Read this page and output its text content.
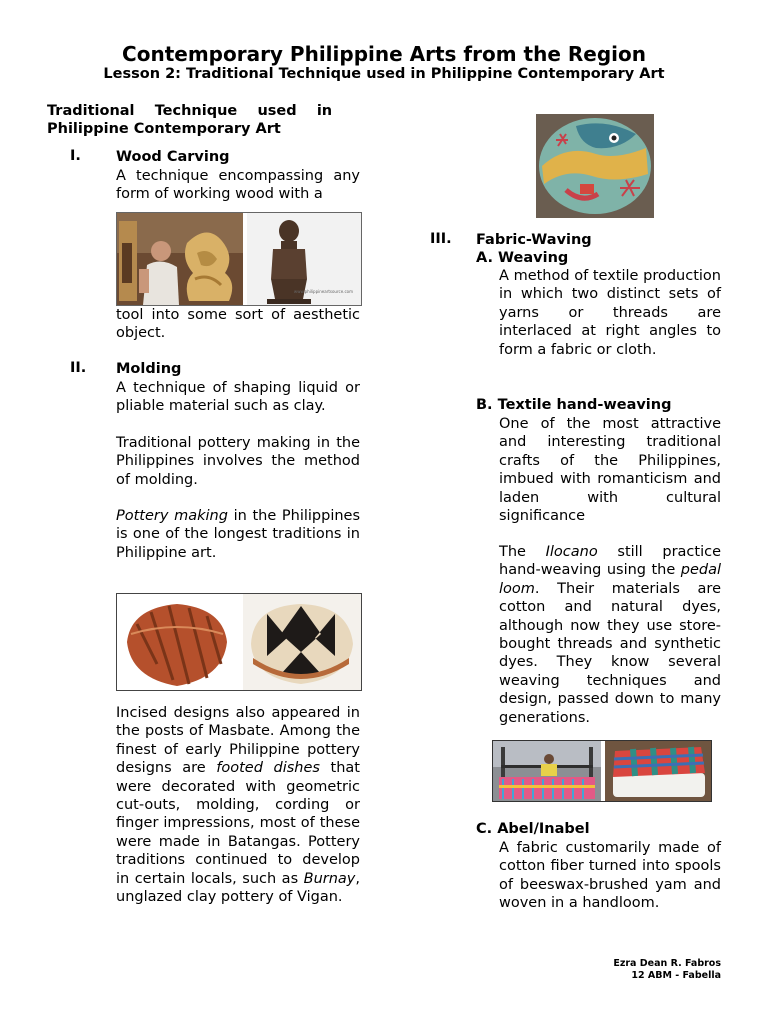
Contemporary Philippine Arts from the Region
Lesson 2: Traditional Technique used in Philippine Contemporary Art
Traditional    Technique    used    in
Philippine Contemporary Art
I. Wood Carving
A technique encompassing any form of working wood with a
www.philippineartsource.com
tool into some sort of aesthetic object.
II. Molding
A technique of shaping liquid or pliable material such as clay.
Traditional pottery making in the Philippines involves the method of molding.
Pottery making in the Philippines is one of the longest traditions in Philippine art.
Incised designs also appeared in the posts of Masbate. Among the finest of early Philippine pottery designs are footed dishes that were decorated with geometric cut-outs, molding, cording or finger impressions, most of these were made in Batangas. Pottery traditions continued to develop in certain locals, such as Burnay, unglazed clay pottery of Vigan.
III. Fabric-Waving
A. Weaving
A method of textile production in which two distinct sets of yarns or threads are interlaced at right angles to form a fabric or cloth.
B. Textile hand-weaving
One of the most attractive and interesting traditional crafts of the Philippines, imbued with romanticism and laden with cultural significance
The Ilocano still practice hand-weaving using the pedal loom. Their materials are cotton and natural dyes, although now they use store-bought threads and synthetic dyes. They know several weaving techniques and design, passed down to many generations.
C. Abel/Inabel
A fabric customarily made of cotton fiber turned into spools of beeswax-brushed yam and woven in a handloom.
Ezra Dean R. Fabros
12 ABM - Fabella
